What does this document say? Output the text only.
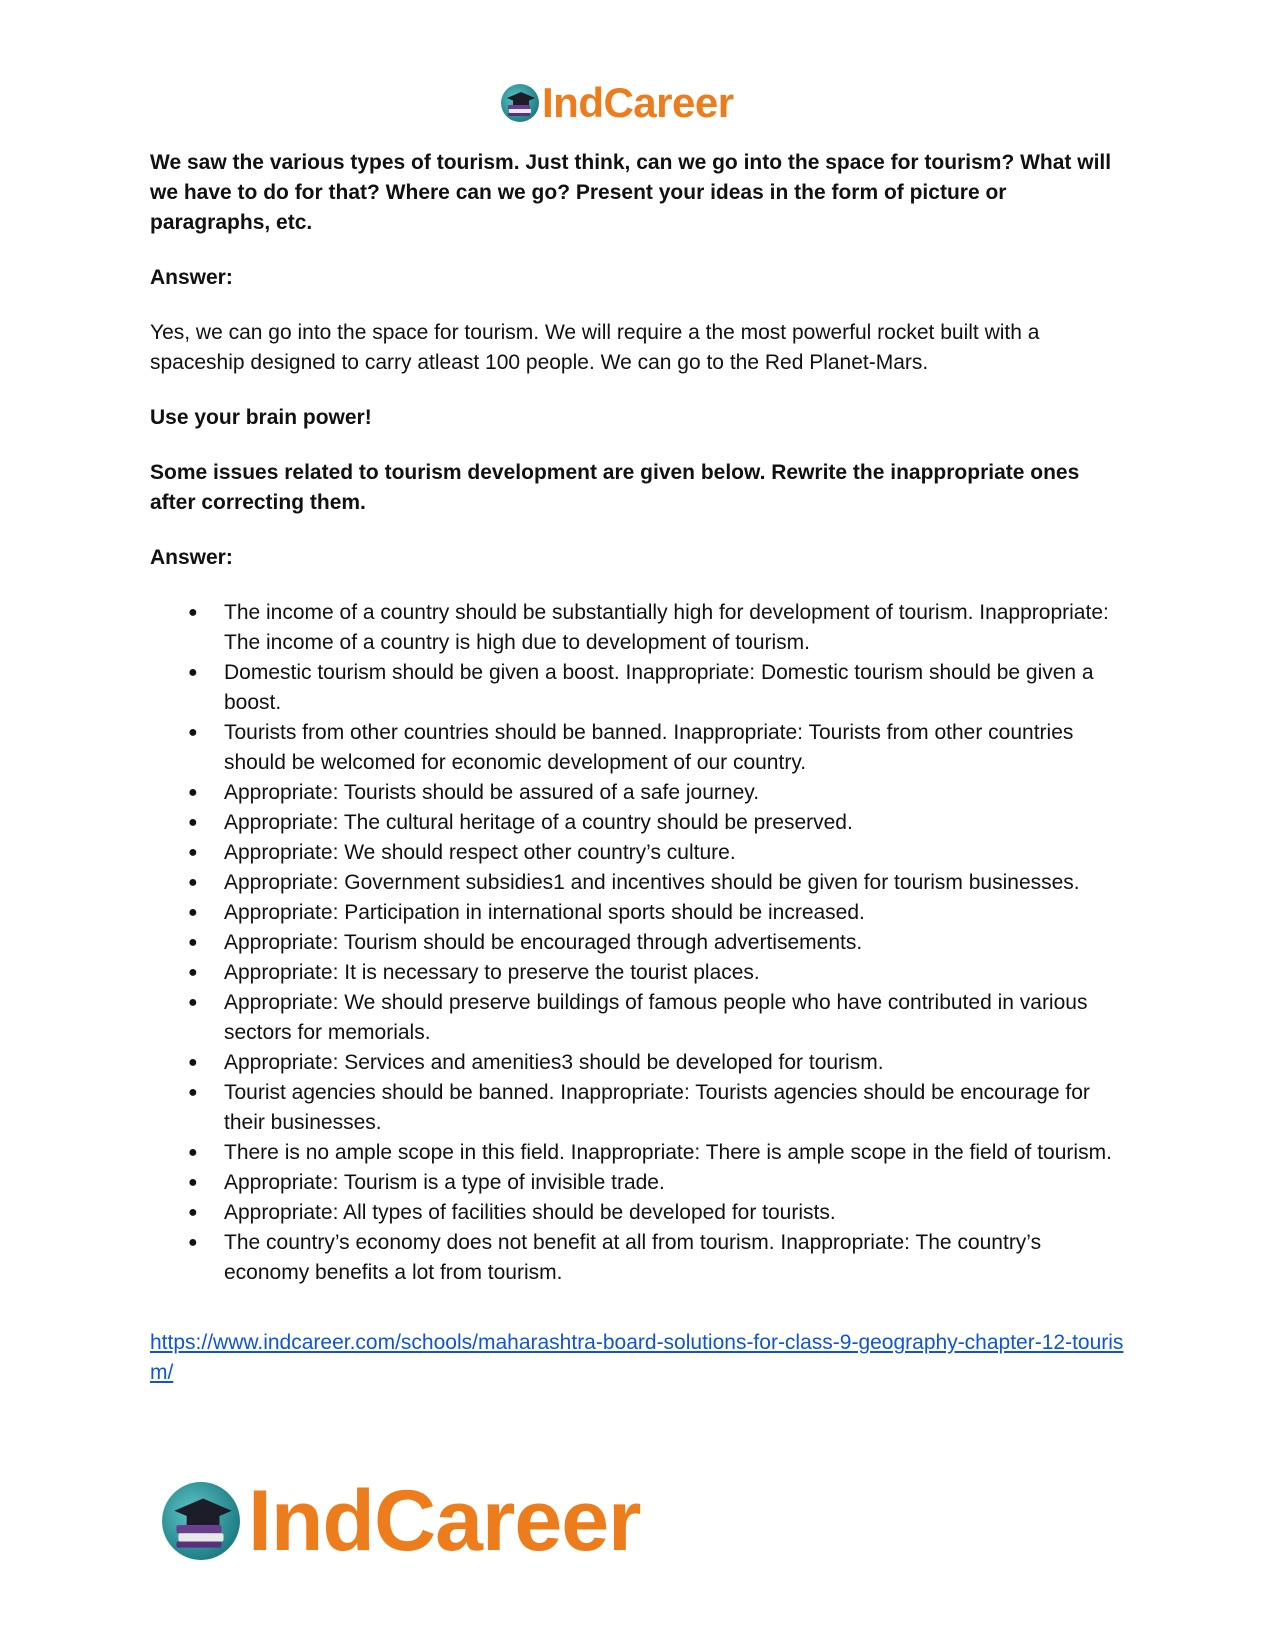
IndCareer

We saw the various types of tourism. Just think, can we go into the space for tourism? What will we have to do for that? Where can we go? Present your ideas in the form of picture or paragraphs, etc.

Answer:

Yes, we can go into the space for tourism. We will require a the most powerful rocket built with a spaceship designed to carry atleast 100 people. We can go to the Red Planet-Mars.

Use your brain power!

Some issues related to tourism development are given below. Rewrite the inappropriate ones after correcting them.

Answer:

● The income of a country should be substantially high for development of tourism. Inappropriate: The income of a country is high due to development of tourism.
● Domestic tourism should be given a boost. Inappropriate: Domestic tourism should be given a boost.
● Tourists from other countries should be banned. Inappropriate: Tourists from other countries should be welcomed for economic development of our country.
● Appropriate: Tourists should be assured of a safe journey.
● Appropriate: The cultural heritage of a country should be preserved.
● Appropriate: We should respect other country’s culture.
● Appropriate: Government subsidies1 and incentives should be given for tourism businesses.
● Appropriate: Participation in international sports should be increased.
● Appropriate: Tourism should be encouraged through advertisements.
● Appropriate: It is necessary to preserve the tourist places.
● Appropriate: We should preserve buildings of famous people who have contributed in various sectors for memorials.
● Appropriate: Services and amenities3 should be developed for tourism.
● Tourist agencies should be banned. Inappropriate: Tourists agencies should be encourage for their businesses.
● There is no ample scope in this field. Inappropriate: There is ample scope in the field of tourism.
● Appropriate: Tourism is a type of invisible trade.
● Appropriate: All types of facilities should be developed for tourists.
● The country’s economy does not benefit at all from tourism. Inappropriate: The country’s economy benefits a lot from tourism.
https://www.indcareer.com/schools/maharashtra-board-solutions-for-class-9-geography-chapter-12-tourism/
IndCareer
